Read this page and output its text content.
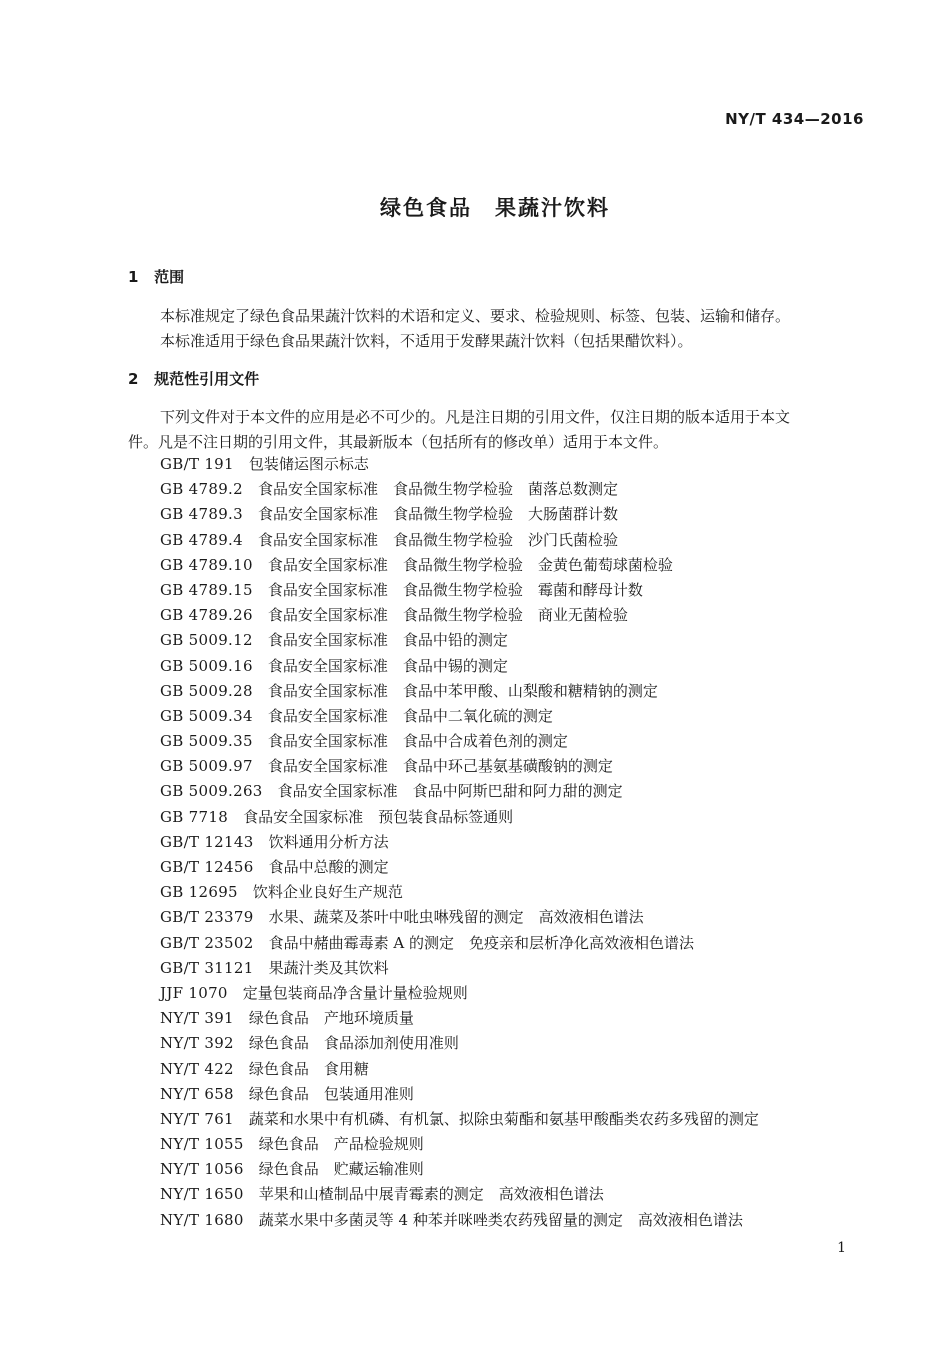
NY/T 434—2016
绿色食品　果蔬汁饮料
1 范围
本标准规定了绿色食品果蔬汁饮料的术语和定义、要求、检验规则、标签、包装、运输和储存。
本标准适用于绿色食品果蔬汁饮料，不适用于发酵果蔬汁饮料（包括果醋饮料）。
2 规范性引用文件
下列文件对于本文件的应用是必不可少的。凡是注日期的引用文件，仅注日期的版本适用于本文
件。凡是不注日期的引用文件，其最新版本（包括所有的修改单）适用于本文件。
GB/T 191　 包装储运图示标志
GB 4789.2　 食品安全国家标准　食品微生物学检验　菌落总数测定
GB 4789.3　 食品安全国家标准　食品微生物学检验　大肠菌群计数
GB 4789.4　 食品安全国家标准　食品微生物学检验　沙门氏菌检验
GB 4789.10　 食品安全国家标准　食品微生物学检验　金黄色葡萄球菌检验
GB 4789.15　 食品安全国家标准　食品微生物学检验　霉菌和酵母计数
GB 4789.26　 食品安全国家标准　食品微生物学检验　商业无菌检验
GB 5009.12　 食品安全国家标准　食品中铅的测定
GB 5009.16　 食品安全国家标准　食品中锡的测定
GB 5009.28　 食品安全国家标准　食品中苯甲酸、山梨酸和糖精钠的测定
GB 5009.34　 食品安全国家标准　食品中二氧化硫的测定
GB 5009.35　 食品安全国家标准　食品中合成着色剂的测定
GB 5009.97　 食品安全国家标准　食品中环己基氨基磺酸钠的测定
GB 5009.263　 食品安全国家标准　食品中阿斯巴甜和阿力甜的测定
GB 7718　 食品安全国家标准　预包装食品标签通则
GB/T 12143　 饮料通用分析方法
GB/T 12456　 食品中总酸的测定
GB 12695　 饮料企业良好生产规范
GB/T 23379　 水果、蔬菜及茶叶中吡虫啉残留的测定　高效液相色谱法
GB/T 23502　 食品中赭曲霉毒素 A 的测定　免疫亲和层析净化高效液相色谱法
GB/T 31121　 果蔬汁类及其饮料
JJF 1070　 定量包装商品净含量计量检验规则
NY/T 391　 绿色食品　产地环境质量
NY/T 392　 绿色食品　食品添加剂使用准则
NY/T 422　 绿色食品　食用糖
NY/T 658　 绿色食品　包装通用准则
NY/T 761　 蔬菜和水果中有机磷、有机氯、拟除虫菊酯和氨基甲酸酯类农药多残留的测定
NY/T 1055　 绿色食品　产品检验规则
NY/T 1056　 绿色食品　贮藏运输准则
NY/T 1650　 苹果和山楂制品中展青霉素的测定　高效液相色谱法
NY/T 1680　 蔬菜水果中多菌灵等 4 种苯并咪唑类农药残留量的测定　高效液相色谱法
1
